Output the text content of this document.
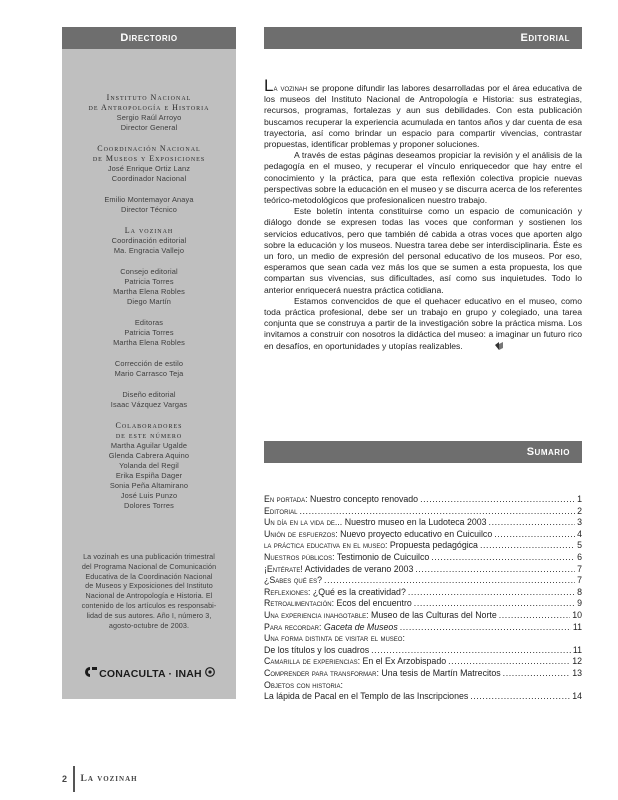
Directorio
Instituto Nacional
de Antropología e Historia
Sergio Raúl Arroyo
Director General
Coordinación Nacional
de Museos y Exposiciones
José Enrique Ortiz Lanz
Coordinador Nacional
Emilio Montemayor Anaya
Director Técnico
La vozinah
Coordinación editorial
Ma. Engracia Vallejo
Consejo editorial
Patricia Torres
Martha Elena Robles
Diego Martín
Editoras
Patricia Torres
Martha Elena Robles
Corrección de estilo
Mario Carrasco Teja
Diseño editorial
Isaac Vázquez Vargas
Colaboradores
de este número
Martha Aguilar Ugalde
Glenda Cabrera Aquino
Yolanda del Regil
Erika Espiña Dager
Sonia Peña Altamirano
José Luis Punzo
Dolores Torres
La vozinah es una publicación trimestral
del Programa Nacional de Comunicación
Educativa de la Coordinación Nacional
de Museos y Exposiciones del Instituto
Nacional de Antropología e Historia. El
contenido de los artículos es responsabi-
lidad de sus autores. Año I, número 3,
agosto-octubre de 2003.
CONACULTA · INAH
Editorial

La vozinah se propone difundir las labores desarrolladas por el área educativa de los museos del Instituto Nacional de Antropología e Historia: sus estrategias, recursos, programas, fortalezas y aun sus debilidades. Con esta publicación buscamos recuperar la experiencia acumulada en tantos años y dar cuenta de esa trayectoria, así como brindar un espacio para compartir vivencias, contrastar propuestas, identificar problemas y proponer soluciones.

A través de estas páginas deseamos propiciar la revisión y el análisis de la pedagogía en el museo, y recuperar el vínculo enriquecedor que hay entre el conocimiento y la práctica, para que esta reflexión colectiva propicie nuevas perspectivas sobre la educación en el museo y se discurra acerca de los referentes teórico-metodológicos que profesionalicen nuestro trabajo.

Este boletín intenta constituirse como un espacio de comunicación y diálogo donde se expresen todas las voces que conforman y sostienen los servicios educativos, pero que también dé cabida a otras voces que aporten algo sobre la educación y los museos. Nuestra tarea debe ser interdisciplinaria. Éste es un foro, un medio de expresión del personal educativo de los museos. Por eso, esperamos que sean cada vez más los que se sumen a esta propuesta, los que compartan sus vivencias, sus dificultades, así como sus inquietudes. Todo lo anterior enriquecerá nuestra práctica cotidiana.

Estamos convencidos de que el quehacer educativo en el museo, como toda práctica profesional, debe ser un trabajo en grupo y colegiado, una tarea conjunta que se construya a partir de la investigación sobre la práctica misma. Los invitamos a construir con nosotros la didáctica del museo: a imaginar un futuro rico en desafíos, en oportunidades y utopías realizables.

Sumario
En portada: Nuestro concepto renovado .....	1
Editorial .....	2
Un día en la vida de... Nuestro museo en la Ludoteca 2003 .....	3
Unión de esfuerzos: Nuevo proyecto educativo en Cuicuilco .....	4
la práctica educativa en el museo: Propuesta pedagógica .....	5
Nuestros públicos: Testimonio de Cuicuilco .....	6
¡Entérate! Actividades de verano 2003 .....	7
¿Sabes qué es? .....	7
Reflexiones: ¿Qué es la creatividad? .....	8
Retroalimentación: Ecos del encuentro .....	9
Una experiencia inahgotable: Museo de las Culturas del Norte .....	10
Para recordar: Gaceta de Museos .....	11
Una forma distinta de visitar el museo:
De los títulos y los cuadros .....	11
Camarilla de experiencias: En el Ex Arzobispado .....	12
Comprender para transformar: Una tesis de Martín Matrecitos .....	13
Objetos con historia:
La lápida de Pacal en el Templo de las Inscripciones .....	14
2 La vozinah
